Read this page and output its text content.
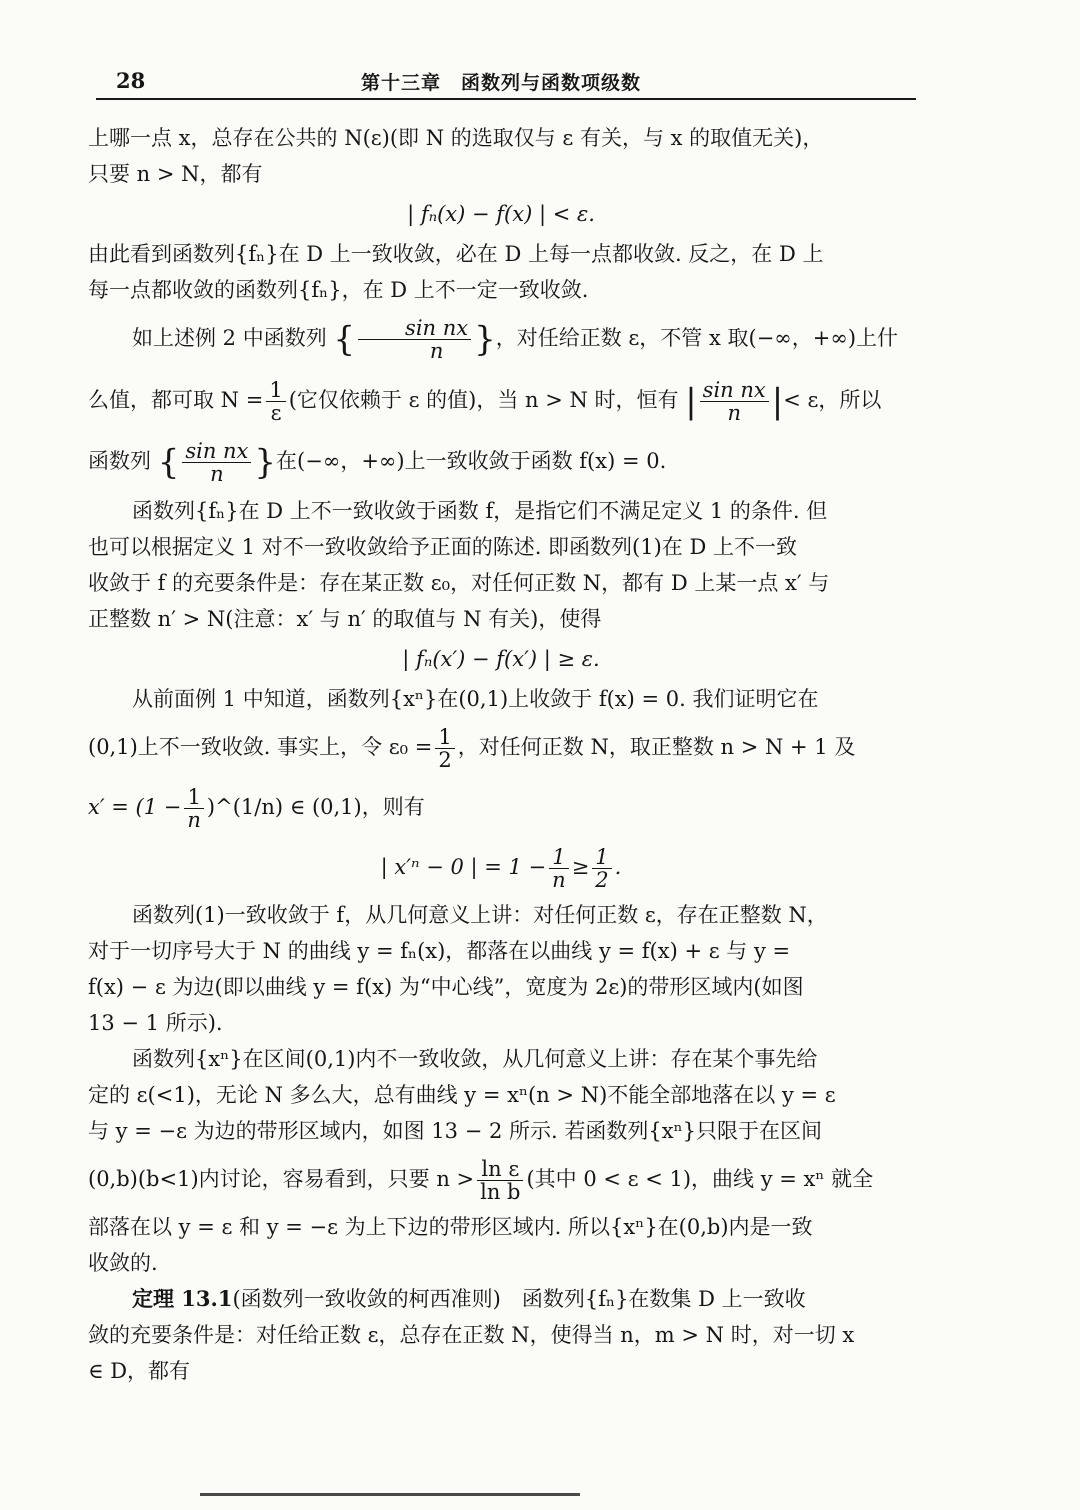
28	第十三章　函数列与函数项级数

上哪一点 x，总存在公共的 N(ε)(即 N 的选取仅与 ε 有关，与 x 的取值无关)，

只要 n > N，都有

| fₙ(x) − f(x) | < ε.

由此看到函数列{fₙ}在 D 上一致收敛，必在 D 上每一点都收敛. 反之，在 D 上

每一点都收敛的函数列{fₙ}，在 D 上不一定一致收敛.

如上述例 2 中函数列 { $\frac{\text{sin nx}}{n}$ }，对任给正数 ε，不管 x 取(−∞，+∞)上什

么值，都可取 $N = \frac{1}{\varepsilon}$ (它仅依赖于 ε 的值)，当 n > N 时，恒有 | $\frac{\text{sin nx}}{n}$ |< ε，所以

函数列 { $\frac{\text{sin nx}}{n}$ }在(−∞，+∞)上一致收敛于函数 f(x) = 0.

函数列{fₙ}在 D 上不一致收敛于函数 f，是指它们不满足定义 1 的条件. 但

也可以根据定义 1 对不一致收敛给予正面的陈述. 即函数列(1)在 D 上不一致

收敛于 f 的充要条件是：存在某正数 ε₀，对任何正数 N，都有 D 上某一点 x′ 与

正整数 n′ > N(注意：x′ 与 n′ 的取值与 N 有关)，使得

| fₙ(x′) − f(x′) | ≥ ε.

从前面例 1 中知道，函数列{xⁿ}在(0,1)上收敛于 f(x) = 0. 我们证明它在

(0,1)上不一致收敛. 事实上，令 $\varepsilon_0 = \frac{1}{2}$ ，对任何正数 N，取正整数 n > N + 1 及

$x' = (1 - \frac{1}{n}$ )^(1/n) ∈ (0,1)，则有

| x′ⁿ − 0 | = $1 - \frac{1}{n} \ge \frac{1}{2}$ .

函数列(1)一致收敛于 f，从几何意义上讲：对任何正数 ε，存在正整数 N，

对于一切序号大于 N 的曲线 y = fₙ(x)，都落在以曲线 y = f(x) + ε 与 y =

f(x) − ε 为边(即以曲线 y = f(x) 为“中心线”，宽度为 2ε)的带形区域内(如图

13 − 1 所示).

函数列{xⁿ}在区间(0,1)内不一致收敛，从几何意义上讲：存在某个事先给

定的 ε(<1)，无论 N 多么大，总有曲线 y = xⁿ(n > N)不能全部地落在以 y = ε

与 y = −ε 为边的带形区域内，如图 13 − 2 所示. 若函数列{xⁿ}只限于在区间

(0,b)(b<1)内讨论，容易看到，只要 $n > \frac{\text{ln ε}}{\text{ln b}}$ (其中 0 < ε < 1)，曲线 y = xⁿ 就全

部落在以 y = ε 和 y = −ε 为上下边的带形区域内. 所以{xⁿ}在(0,b)内是一致

收敛的.

定理 13.1(函数列一致收敛的柯西准则)　函数列{fₙ}在数集 D 上一致收

敛的充要条件是：对任给正数 ε，总存在正数 N，使得当 n，m > N 时，对一切 x

∈ D，都有
